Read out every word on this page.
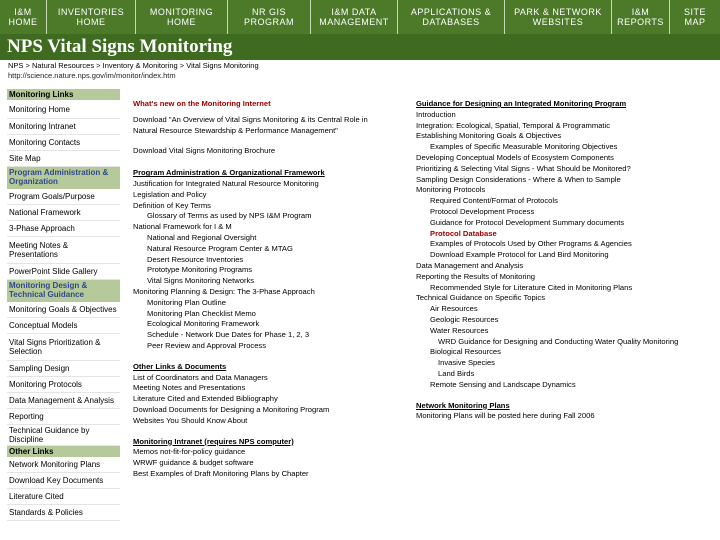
I&M
HOME
INVENTORIES
HOME
MONITORING
HOME
NR GIS
PROGRAM
I&M DATA
MANAGEMENT
APPLICATIONS &
DATABASES
PARK & NETWORK
WEBSITES
I&M
REPORTS
SITE
MAP
NPS Vital Signs Monitoring
NPS > Natural Resources > Inventory & Monitoring > Vital Signs Monitoring
http://science.nature.nps.gov/im/monitor/index.htm
Monitoring Links
Monitoring Home
Monitoring Intranet
Monitoring Contacts
Site Map
Program Administration & Organization
Program Goals/Purpose
National Framework
3-Phase Approach
Meeting Notes & Presentations
PowerPoint Slide Gallery
Monitoring Design & Technical Guidance
Monitoring Goals & Objectives
Conceptual Models
Vital Signs Prioritization & Selection
Sampling Design
Monitoring Protocols
Data Management & Analysis
Reporting
Technical Guidance by Discipline
Other Links
Network Monitoring Plans
Download Key Documents
Literature Cited
Standards & Policies
What's new on the Monitoring Internet
Download "An Overview of Vital Signs Monitoring & its Central Role in
Natural Resource Stewardship & Performance Management"
Download Vital Signs Monitoring Brochure
Program Administration & Organizational Framework
Justification for Integrated Natural Resource Monitoring
Legislation and Policy
Definition of Key Terms
Glossary of Terms as used by NPS I&M Program
National Framework for I & M
National and Regional Oversight
Natural Resource Program Center & MTAG
Desert Resource Inventories
Prototype Monitoring Programs
Vital Signs Monitoring Networks
Monitoring Planning & Design: The 3-Phase Approach
Monitoring Plan Outline
Monitoring Plan Checklist Memo
Ecological Monitoring Framework
Schedule - Network Due Dates for Phase 1, 2, 3
Peer Review and Approval Process
Other Links & Documents
List of Coordinators and Data Managers
Meeting Notes and Presentations
Literature Cited and Extended Bibliography
Download Documents for Designing a Monitoring Program
Websites You Should Know About
Monitoring Intranet (requires NPS computer)
Memos not-fit-for-policy guidance
WRWF guidance & budget software
Best Examples of Draft Monitoring Plans by Chapter
Guidance for Designing an Integrated Monitoring Program
Introduction
Integration: Ecological, Spatial, Temporal & Programmatic
Establishing Monitoring Goals & Objectives
Examples of Specific Measurable Monitoring Objectives
Developing Conceptual Models of Ecosystem Components
Prioritizing & Selecting Vital Signs - What Should be Monitored?
Sampling Design Considerations - Where & When to Sample
Monitoring Protocols
Required Content/Format of Protocols
Protocol Development Process
Guidance for Protocol Development Summary documents
Protocol Database
Examples of Protocols Used by Other Programs & Agencies
Download Example Protocol for Land Bird Monitoring
Data Management and Analysis
Reporting the Results of Monitoring
Recommended Style for Literature Cited in Monitoring Plans
Technical Guidance on Specific Topics
Air Resources
Geologic Resources
Water Resources
WRD Guidance for Designing and Conducting Water Quality Monitoring
Biological Resources
Invasive Species
Land Birds
Remote Sensing and Landscape Dynamics
Network Monitoring Plans
Monitoring Plans will be posted here during Fall 2006
